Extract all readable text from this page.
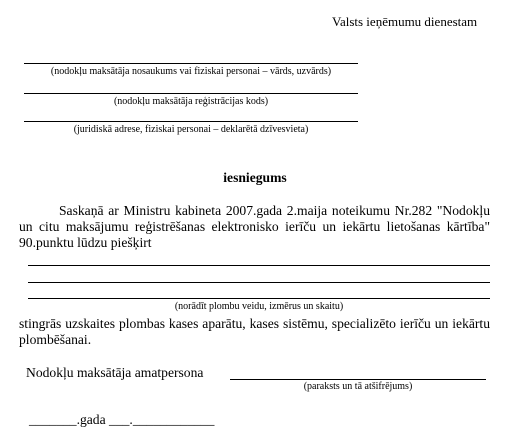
Valsts ieņēmumu dienestam
(nodokļu maksātāja nosaukums vai fiziskai personai – vārds, uzvārds)
(nodokļu maksātāja reģistrācijas kods)
(juridiskā adrese, fiziskai personai – deklarētā dzīvesvieta)
iesniegums
Saskaņā ar Ministru kabineta 2007.gada 2.maija noteikumu Nr.282 "Nodokļu un citu maksājumu reģistrēšanas elektronisko ierīču un iekārtu lietošanas kārtība" 90.punktu lūdzu piešķirt
(norādīt plombu veidu, izmērus un skaitu)
stingrās uzskaites plombas kases aparātu, kases sistēmu, specializēto ierīču un iekārtu plombēšanai.
Nodokļu maksātāja amatpersona
(paraksts un tā atšifrējums)
_______.gada ___.____________
